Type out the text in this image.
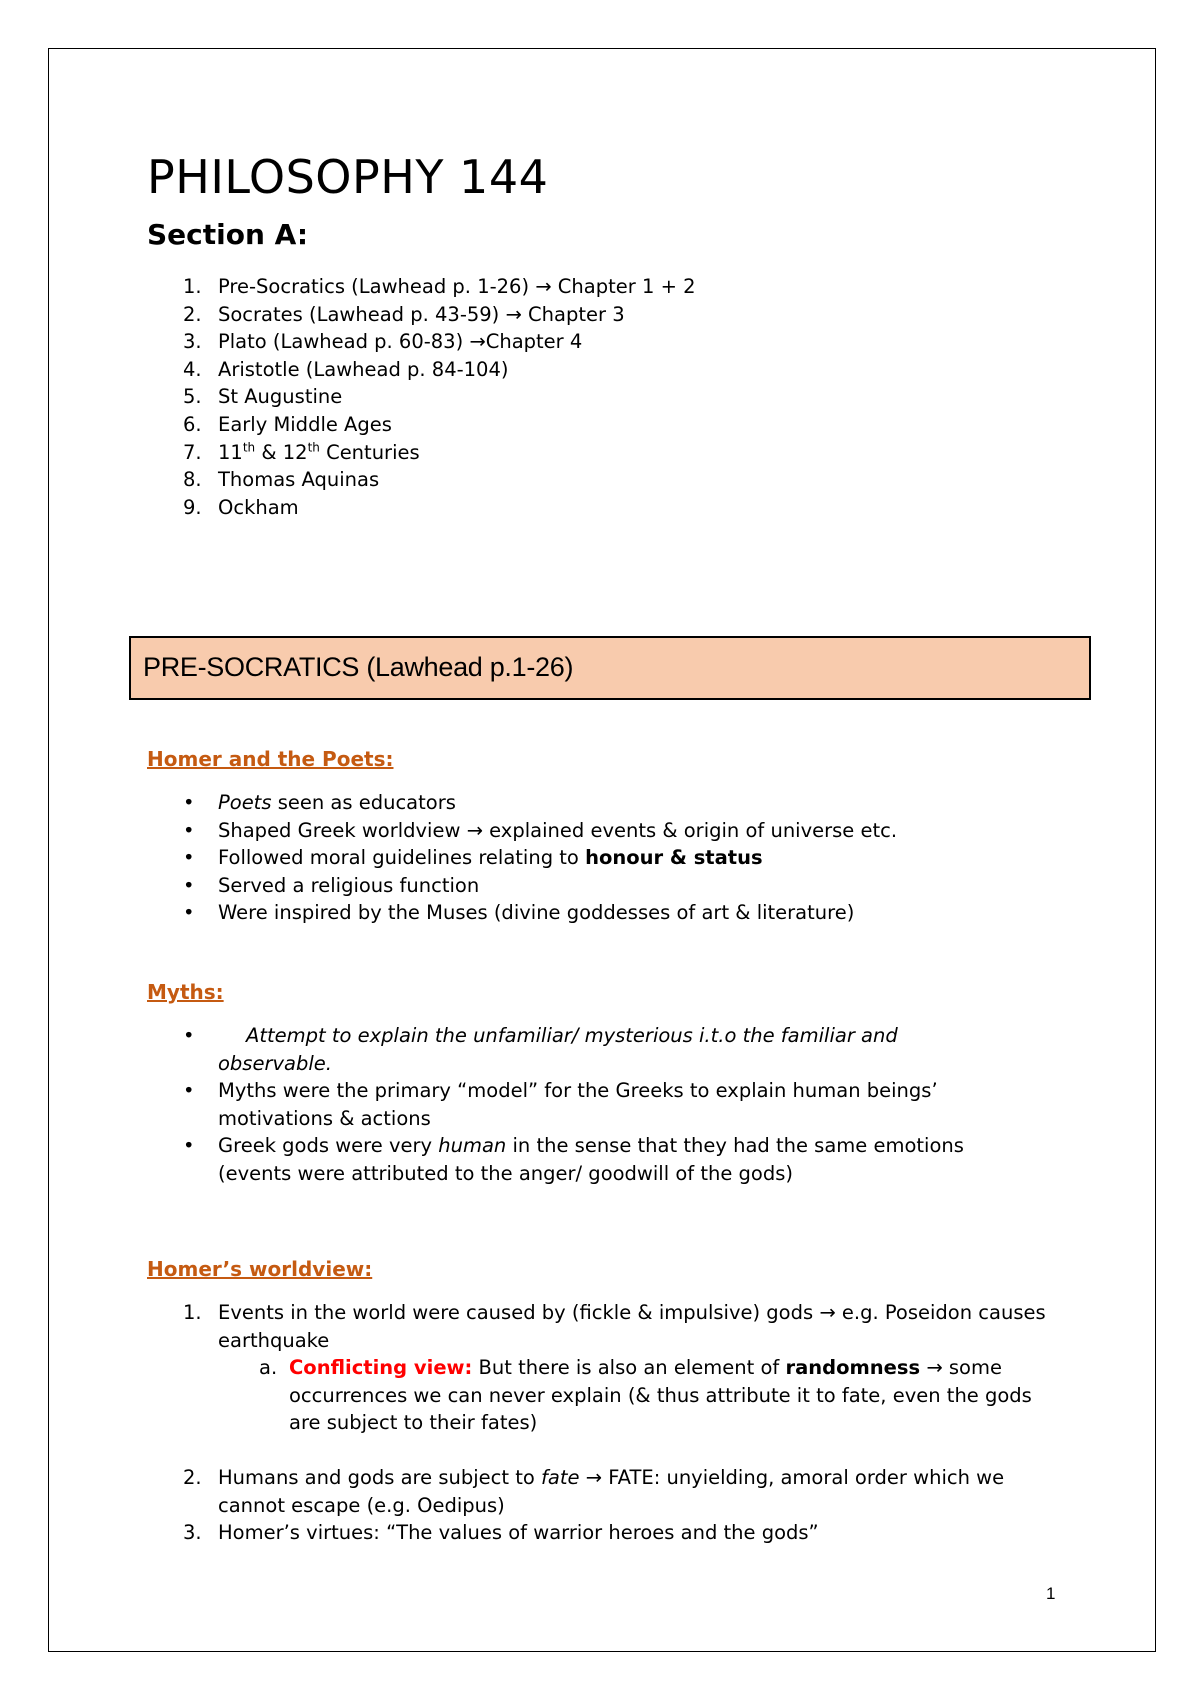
PHILOSOPHY 144
Section A:
1. Pre-Socratics (Lawhead p. 1-26) → Chapter 1 + 2
2. Socrates (Lawhead p. 43-59) → Chapter 3
3. Plato (Lawhead p. 60-83) →Chapter 4
4. Aristotle (Lawhead p. 84-104)
5. St Augustine
6. Early Middle Ages
7. 11th & 12th Centuries
8. Thomas Aquinas
9. Ockham
PRE-SOCRATICS (Lawhead p.1-26)

Homer and the Poets:

• Poets seen as educators
• Shaped Greek worldview → explained events & origin of universe etc.
• Followed moral guidelines relating to honour & status
• Served a religious function
• Were inspired by the Muses (divine goddesses of art & literature)

Myths:

•	Attempt to explain the unfamiliar/ mysterious i.t.o the familiar and observable.
• Myths were the primary “model” for the Greeks to explain human beings’ motivations & actions
• Greek gods were very human in the sense that they had the same emotions (events were attributed to the anger/ goodwill of the gods)

Homer’s worldview:

1. Events in the world were caused by (fickle & impulsive) gods → e.g. Poseidon causes earthquake
a. Conflicting view: But there is also an element of randomness → some occurrences we can never explain (& thus attribute it to fate, even the gods are subject to their fates)
2. Humans and gods are subject to fate → FATE: unyielding, amoral order which we cannot escape (e.g. Oedipus)
3. Homer’s virtues: “The values of warrior heroes and the gods”
1
